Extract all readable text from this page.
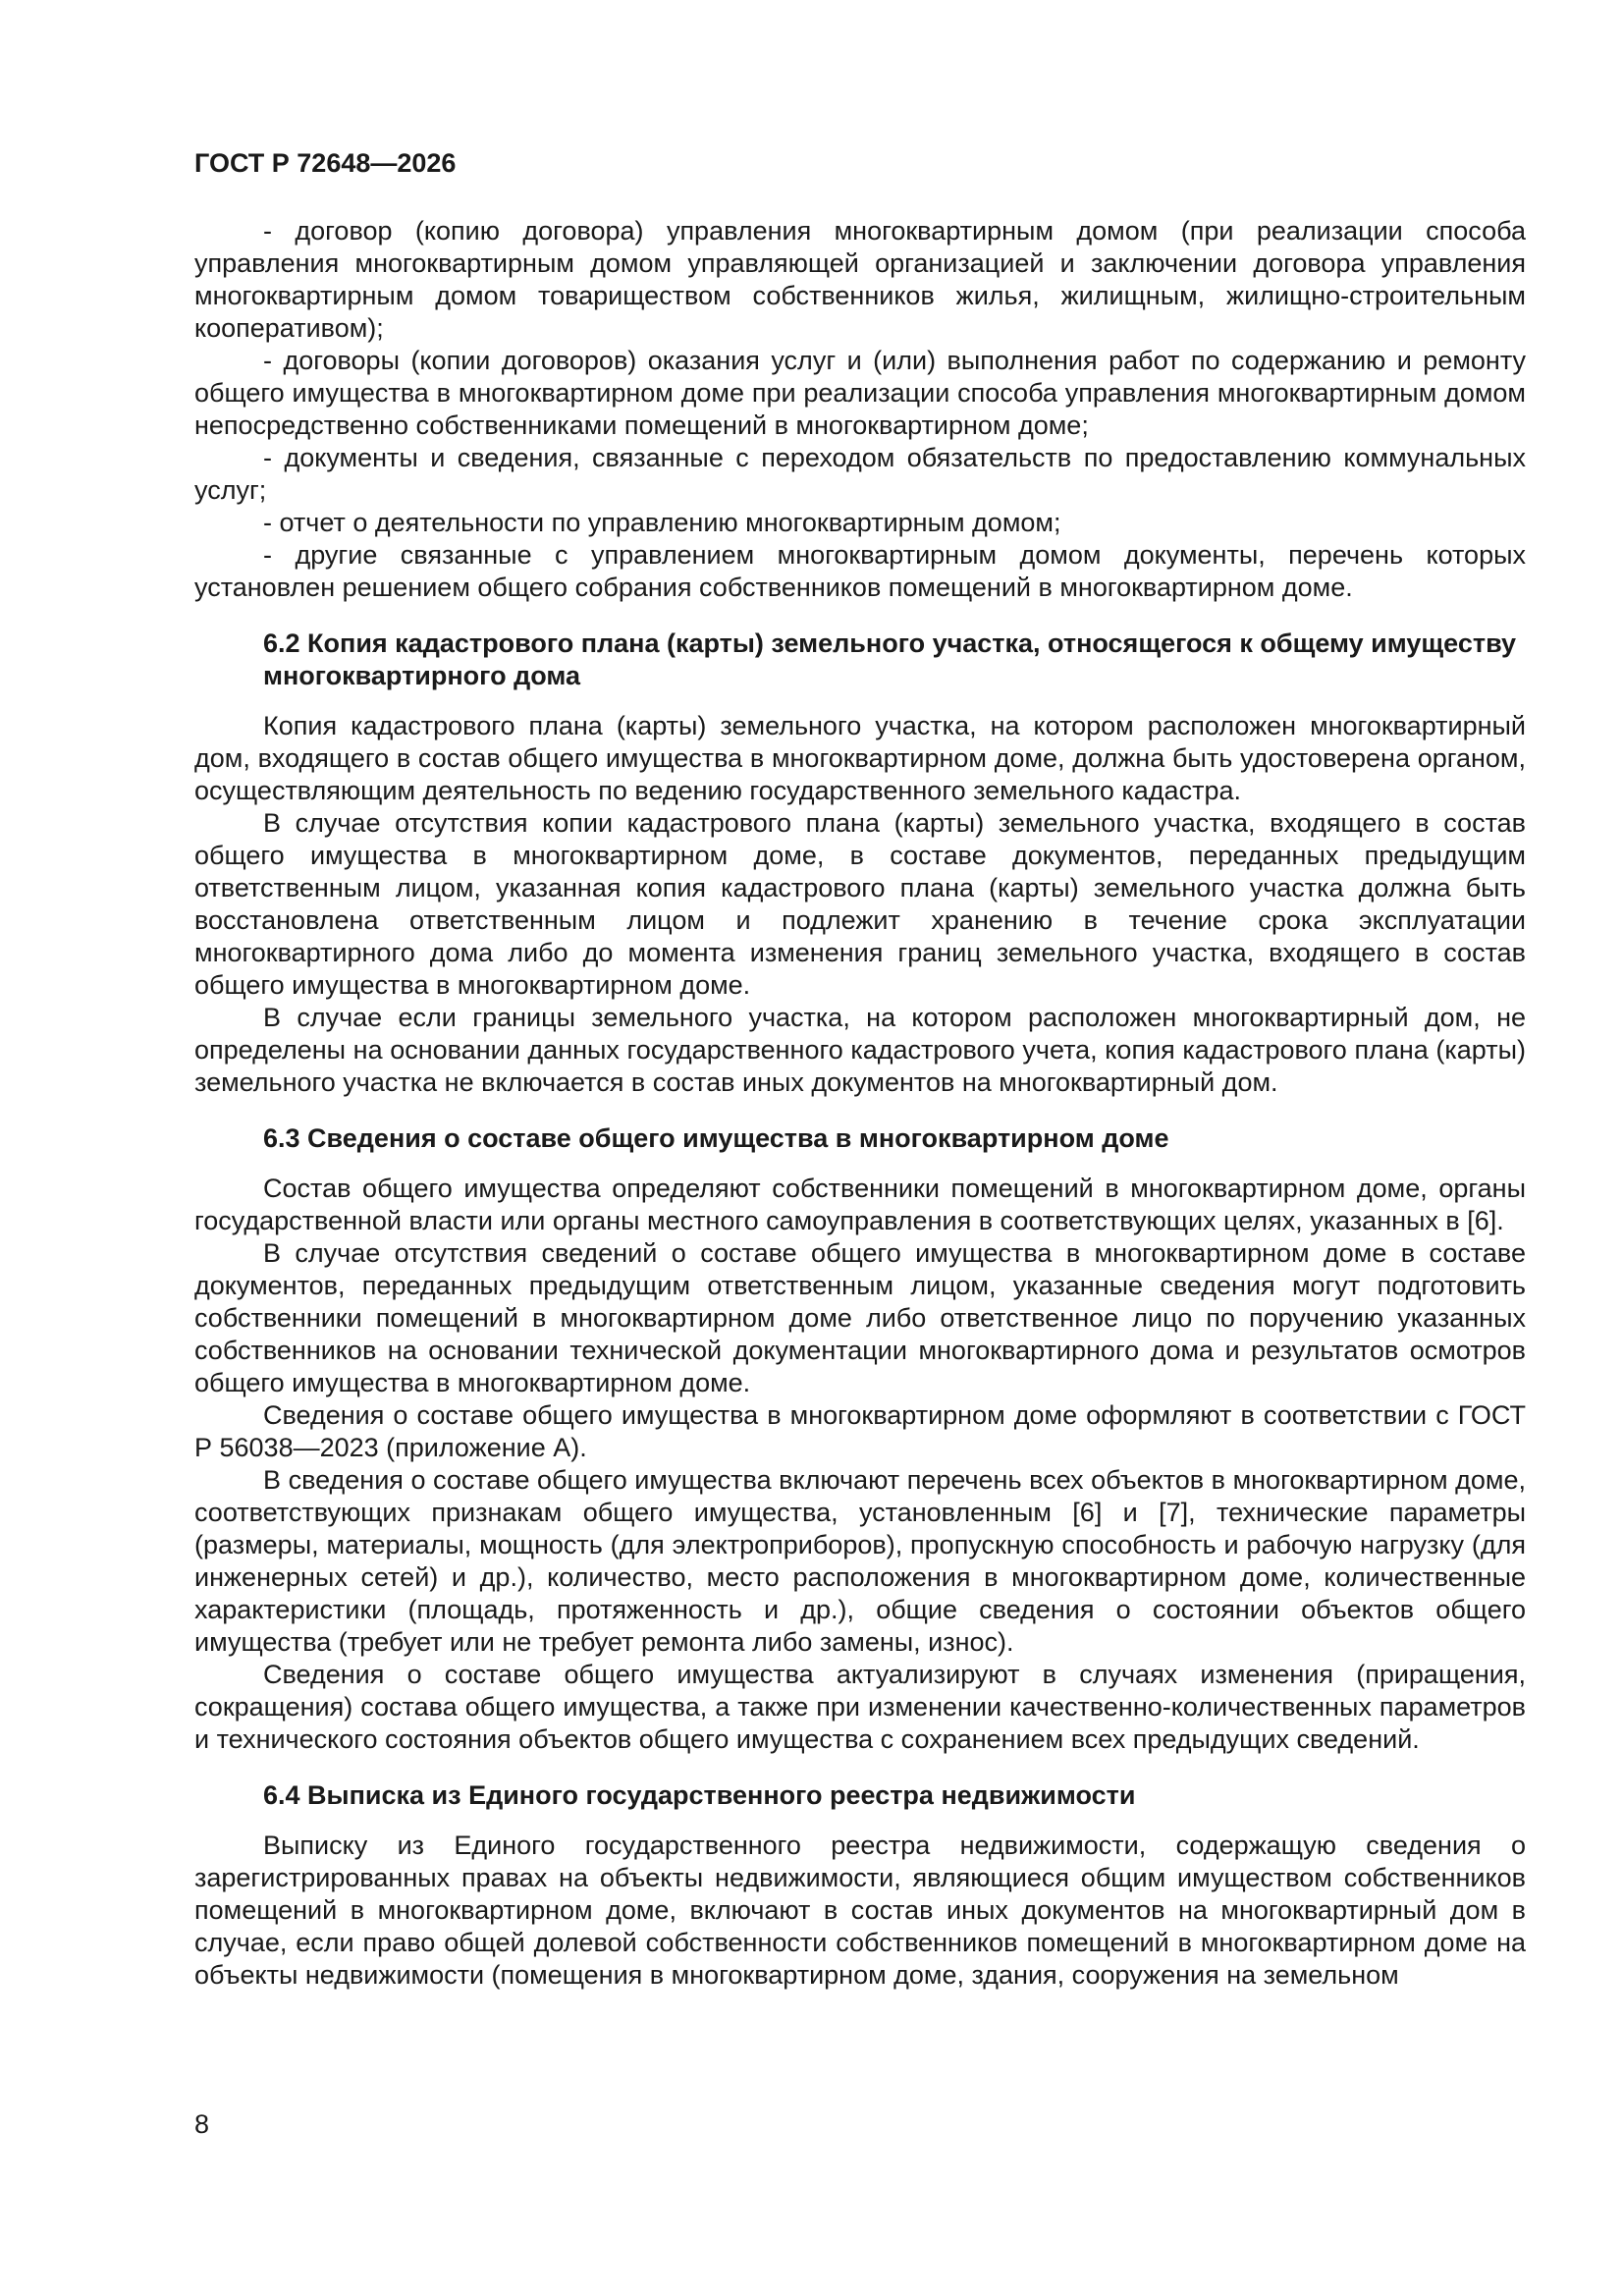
ГОСТ Р 72648—2026

- договор (копию договора) управления многоквартирным домом (при реализации способа управления многоквартирным домом управляющей организацией и заключении договора управления многоквартирным домом товариществом собственников жилья, жилищным, жилищно-строительным кооперативом);

- договоры (копии договоров) оказания услуг и (или) выполнения работ по содержанию и ремонту общего имущества в многоквартирном доме при реализации способа управления многоквартирным домом непосредственно собственниками помещений в многоквартирном доме;

- документы и сведения, связанные с переходом обязательств по предоставлению коммунальных услуг;

- отчет о деятельности по управлению многоквартирным домом;

- другие связанные с управлением многоквартирным домом документы, перечень которых установлен решением общего собрания собственников помещений в многоквартирном доме.

6.2 Копия кадастрового плана (карты) земельного участка, относящегося к общему имуществу многоквартирного дома

Копия кадастрового плана (карты) земельного участка, на котором расположен многоквартирный дом, входящего в состав общего имущества в многоквартирном доме, должна быть удостоверена органом, осуществляющим деятельность по ведению государственного земельного кадастра.

В случае отсутствия копии кадастрового плана (карты) земельного участка, входящего в состав общего имущества в многоквартирном доме, в составе документов, переданных предыдущим ответственным лицом, указанная копия кадастрового плана (карты) земельного участка должна быть восстановлена ответственным лицом и подлежит хранению в течение срока эксплуатации многоквартирного дома либо до момента изменения границ земельного участка, входящего в состав общего имущества в многоквартирном доме.

В случае если границы земельного участка, на котором расположен многоквартирный дом, не определены на основании данных государственного кадастрового учета, копия кадастрового плана (карты) земельного участка не включается в состав иных документов на многоквартирный дом.

6.3 Сведения о составе общего имущества в многоквартирном доме

Состав общего имущества определяют собственники помещений в многоквартирном доме, органы государственной власти или органы местного самоуправления в соответствующих целях, указанных в [6].

В случае отсутствия сведений о составе общего имущества в многоквартирном доме в составе документов, переданных предыдущим ответственным лицом, указанные сведения могут подготовить собственники помещений в многоквартирном доме либо ответственное лицо по поручению указанных собственников на основании технической документации многоквартирного дома и результатов осмотров общего имущества в многоквартирном доме.

Сведения о составе общего имущества в многоквартирном доме оформляют в соответствии с ГОСТ Р 56038—2023 (приложение А).

В сведения о составе общего имущества включают перечень всех объектов в многоквартирном доме, соответствующих признакам общего имущества, установленным [6] и [7], технические параметры (размеры, материалы, мощность (для электроприборов), пропускную способность и рабочую нагрузку (для инженерных сетей) и др.), количество, место расположения в многоквартирном доме, количественные характеристики (площадь, протяженность и др.), общие сведения о состоянии объектов общего имущества (требует или не требует ремонта либо замены, износ).

Сведения о составе общего имущества актуализируют в случаях изменения (приращения, сокращения) состава общего имущества, а также при изменении качественно-количественных параметров и технического состояния объектов общего имущества с сохранением всех предыдущих сведений.

6.4 Выписка из Единого государственного реестра недвижимости

Выписку из Единого государственного реестра недвижимости, содержащую сведения о зарегистрированных правах на объекты недвижимости, являющиеся общим имуществом собственников помещений в многоквартирном доме, включают в состав иных документов на многоквартирный дом в случае, если право общей долевой собственности собственников помещений в многоквартирном доме на объекты недвижимости (помещения в многоквартирном доме, здания, сооружения на земельном

8
